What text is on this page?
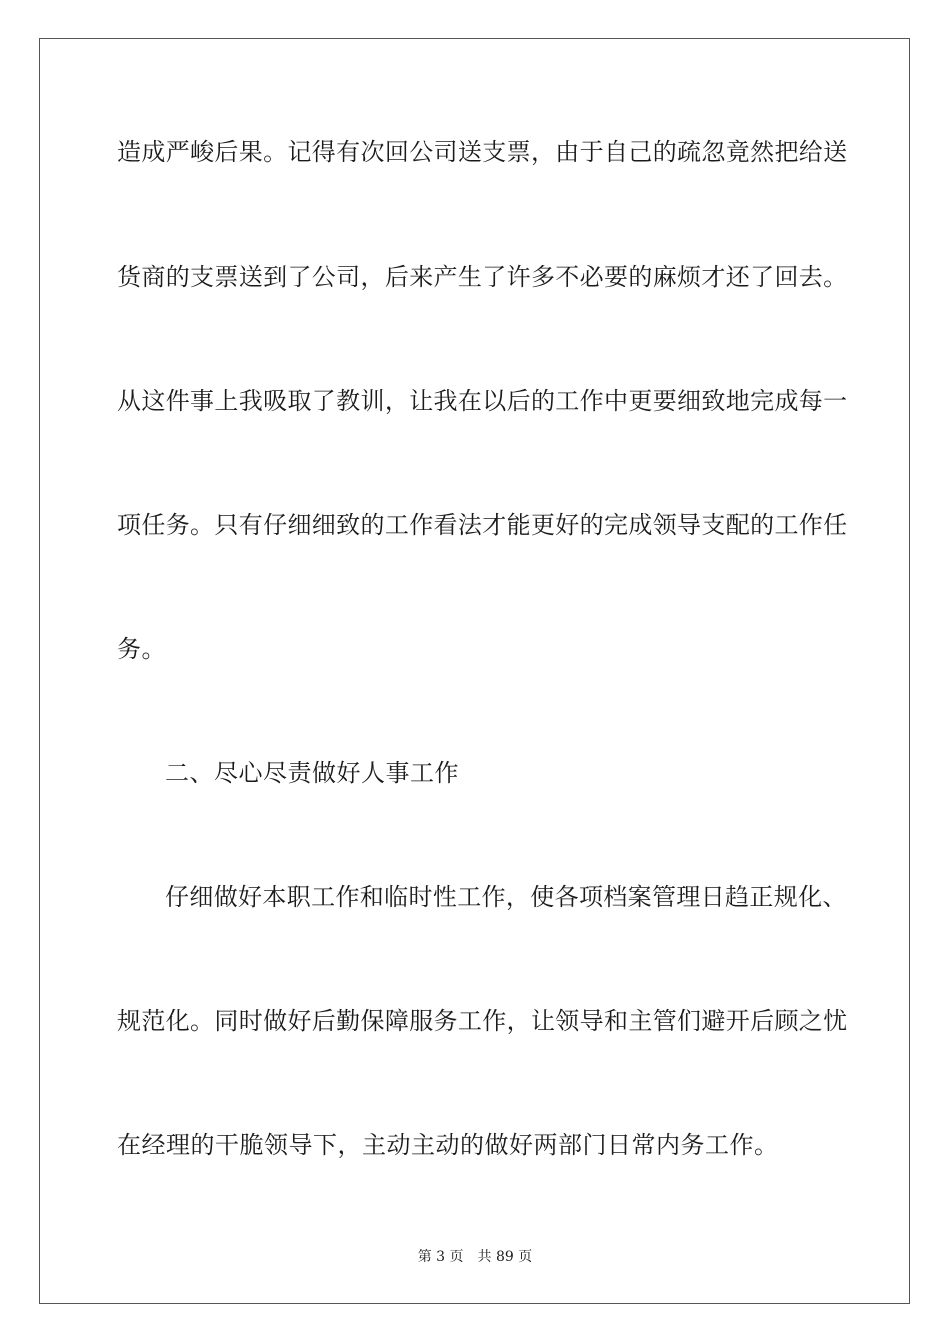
造成严峻后果。记得有次回公司送支票，由于自己的疏忽竟然把给送
货商的支票送到了公司，后来产生了许多不必要的麻烦才还了回去。
从这件事上我吸取了教训，让我在以后的工作中更要细致地完成每一
项任务。只有仔细细致的工作看法才能更好的完成领导支配的工作任
务。
二、尽心尽责做好人事工作
仔细做好本职工作和临时性工作，使各项档案管理日趋正规化、
规范化。同时做好后勤保障服务工作，让领导和主管们避开后顾之忧
在经理的干脆领导下，主动主动的做好两部门日常内务工作。
第 3 页 共 89 页
